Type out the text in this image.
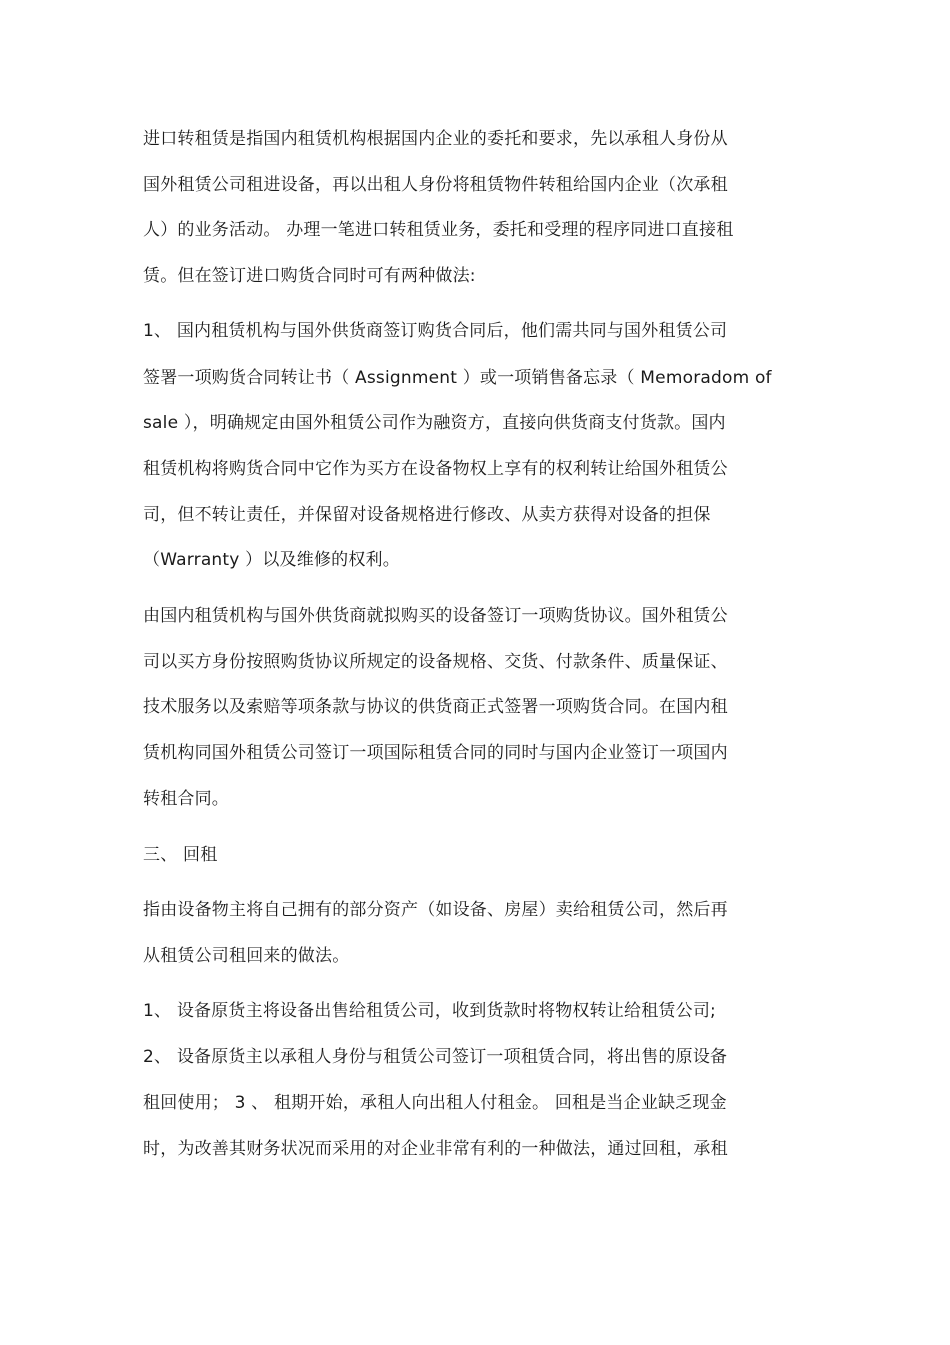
进口转租赁是指国内租赁机构根据国内企业的委托和要求，先以承租人身份从

国外租赁公司租进设备，再以出租人身份将租赁物件转租给国内企业（次承租

人）的业务活动。 办理一笔进口转租赁业务，委托和受理的程序同进口直接租

赁。但在签订进口购货合同时可有两种做法:

1、 国内租赁机构与国外供货商签订购货合同后，他们需共同与国外租赁公司

签署一项购货合同转让书（ Assignment ）或一项销售备忘录（ Memoradom of

sale ），明确规定由国外租赁公司作为融资方，直接向供货商支付货款。国内

租赁机构将购货合同中它作为买方在设备物权上享有的权利转让给国外租赁公

司，但不转让责任，并保留对设备规格进行修改、从卖方获得对设备的担保

（Warranty ）以及维修的权利。

由国内租赁机构与国外供货商就拟购买的设备签订一项购货协议。国外租赁公

司以买方身份按照购货协议所规定的设备规格、交货、付款条件、质量保证、

技术服务以及索赔等项条款与协议的供货商正式签署一项购货合同。在国内租

赁机构同国外租赁公司签订一项国际租赁合同的同时与国内企业签订一项国内

转租合同。

三、 回租

指由设备物主将自己拥有的部分资产（如设备、房屋）卖给租赁公司，然后再

从租赁公司租回来的做法。

1、 设备原货主将设备出售给租赁公司，收到货款时将物权转让给租赁公司;

2、 设备原货主以承租人身份与租赁公司签订一项租赁合同，将出售的原设备

租回使用； 3 、 租期开始，承租人向出租人付租金。 回租是当企业缺乏现金

时，为改善其财务状况而采用的对企业非常有利的一种做法，通过回租，承租
